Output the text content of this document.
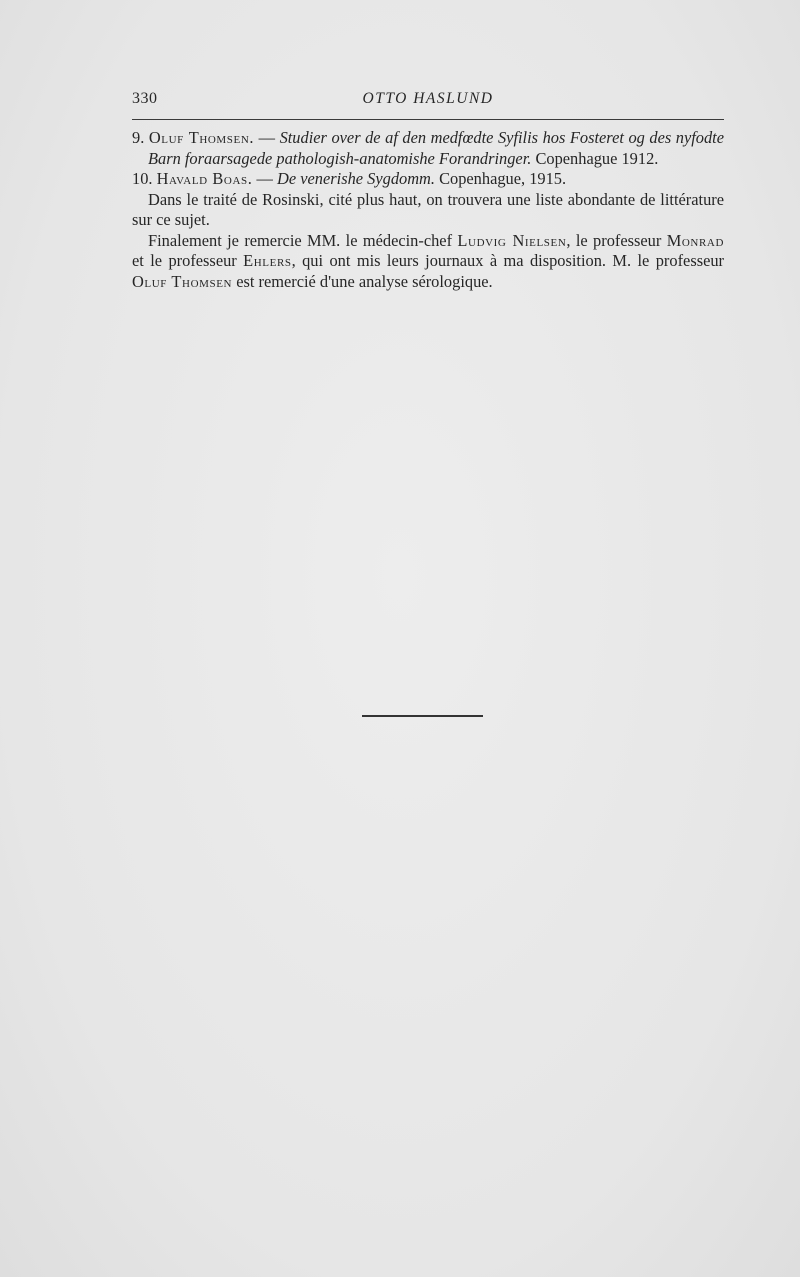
330	OTTO HASLUND

9. Oluf Thomsen. — Studier over de af den medfœdte Syfilis hos Fosteret og des nyfodte Barn foraarsagede pathologish-anatomishe Forandringer. Copenhague 1912.

10. Havald Boas. — De venerishe Sygdomm. Copenhague, 1915.

Dans le traité de Rosinski, cité plus haut, on trouvera une liste abondante de littérature sur ce sujet.

Finalement je remercie MM. le médecin-chef Ludvig Nielsen, le professeur Monrad et le professeur Ehlers, qui ont mis leurs journaux à ma disposition. M. le professeur Oluf Thomsen est remercié d'une analyse sérologique.
